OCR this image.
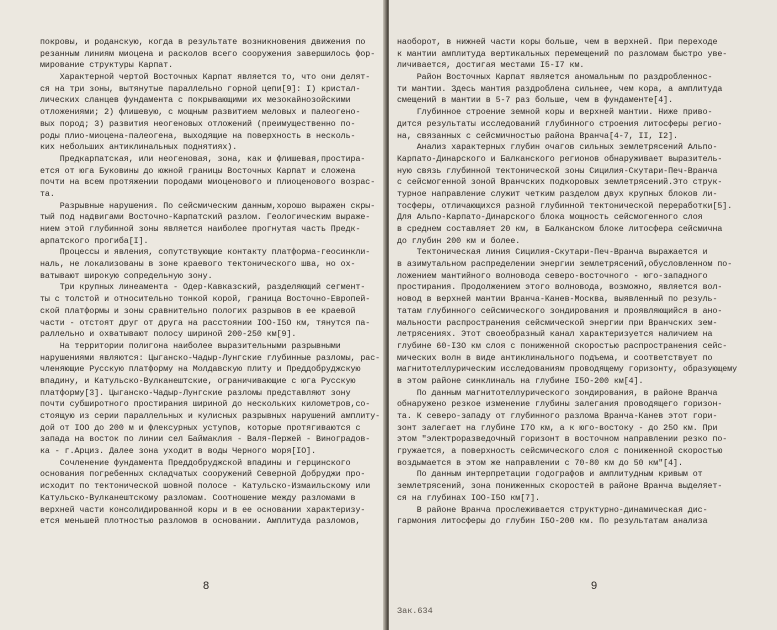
покровы, и роданскую, когда в результате возникновения движения по
резанным линиям миоцена и расколов всего сооружения завершилось фор-
мирование структуры Карпат.
Характерной чертой Восточных Карпат является то, что они делят-
ся на три зоны, вытянутые параллельно горной цепи[9]: I) кристал-
лических сланцев фундамента с покрывающими их мезокайнозойскими
отложениями; 2) флишевую, с мощным развитием меловых и палеогено-
вых пород; 3) развития неогеновых отложений (преимущественно по-
роды плио-миоцена-палеогена, выходящие на поверхность в несколь-
ких небольших антиклинальных поднятиях).
Предкарпатская, или неогеновая, зона, как и флишевая,простира-
ется от юга Буковины до южной границы Восточных Карпат и сложена
почти на всем протяжении породами миоценового и плиоценового возрас-
та.
Разрывные нарушения. По сейсмическим данным,хорошо выражен скры-
тый под надвигами Восточно-Карпатский разлом. Геологическим выраже-
нием этой глубинной зоны является наиболее прогнутая часть Предк-
арпатского прогиба[I].
Процессы и явления, сопутствующие контакту платформа-геосинкли-
наль, не локализованы в зоне краевого тектонического шва, но ох-
ватывают широкую сопредельную зону.
Три крупных линеамента - Одер-Кавказский, разделяющий сегмент-
ты с толстой и относительно тонкой корой, граница Восточно-Европей-
ской платформы и зоны сравнительно пологих разрывов в ее краевой
части - отстоят друг от друга на расстоянии IOO-I5O км, тянутся па-
раллельно и охватывают полосу шириной 200-250 км[9].
На территории полигона наиболее выразительными разрывными
нарушениями являются: Цыганско-Чадыр-Лунгские глубинные разломы, рас-
членяющие Русскую платформу на Молдавскую плиту и Преддобруджскую
впадину, и Катульско-Вулканештские, ограничивающие с юга Русскую
платформу[3]. Цыганско-Чадыр-Лунгские разломы представляют зону
почти субширотного простирания шириной до нескольких километров,со-
стоящую из серии параллельных и кулисных разрывных нарушений амплиту-
дой от IOO до 200 м и флексурных уступов, которые протягиваются с
запада на восток по линии сел Баймаклия - Валя-Пержей - Виноградов-
ка - г.Арциз. Далее зона уходит в воды Черного моря[IO].
Сочленение фундамента Преддобруджской впадины и герцинского
основания погребенных складчатых сооружений Северной Добруджи про-
исходит по тектонической шовной полосе - Катульско-Измаильскому или
Катульско-Вулканештскому разломам. Соотношение между разломами в
верхней части консолидированной коры и в ее основании характеризу-
ется меньшей плотностью разломов в основании. Амплитуда разломов,
8
наоборот, в нижней части коры больше, чем в верхней. При переходе
к мантии амплитуда вертикальных перемещений по разломам быстро уве-
личивается, достигая местами I5-I7 км.
Район Восточных Карпат является аномальным по раздробленнос-
ти мантии. Здесь мантия раздроблена сильнее, чем кора, а амплитуда
смещений в мантии в 5-7 раз больше, чем в фундаменте[4].
Глубинное строение земной коры и верхней мантии. Ниже приво-
дится результаты исследований глубинного строения литосферы регио-
на, связанных с сейсмичностью района Вранча[4-7, II, I2].
Анализ характерных глубин очагов сильных землетрясений Альпо-
Карпато-Динарского и Балканского регионов обнаруживает выразитель-
ную связь глубинной тектонической зоны Сицилия-Скутари-Печ-Вранча
с сейсмогенной зоной Вранчских подкоровых землетрясений.Это струк-
турное направление служит четким разделом двух крупных блоков ли-
тосферы, отличающихся разной глубинной тектонической переработки[5].
Для Альпо-Карпато-Динарского блока мощность сейсмогенного слоя
в среднем составляет 20 км, в Балканском блоке литосфера сейсмична
до глубин 200 км и более.
Тектоническая линия Сицилия-Скутари-Печ-Вранча выражается и
в азимутальном распределении энергии землетрясений,обусловленном по-
ложением мантийного волновода северо-восточного - юго-западного
простирания. Продолжением этого волновода, возможно, является вол-
новод в верхней мантии Вранча-Канев-Москва, выявленный по резуль-
татам глубинного сейсмического зондирования и проявляющийся в ано-
мальности распространения сейсмической энергии при Вранчских зем-
летрясениях. Этот своеобразный канал характеризуется наличием на
глубине 60-I3O км слоя с пониженной скоростью распространения сейс-
мических волн в виде антиклинального подъема, и соответствует по
магнитотеллурическим исследованиям проводящему горизонту, образующему
в этом районе синклиналь на глубине I5O-200 км[4].
По данным магнитотеллурического зондирования, в районе Вранча
обнаружено резкое изменение глубины залегания проводящего горизон-
та. К северо-западу от глубинного разлома Вранча-Канев этот гори-
зонт залегает на глубине I7O км, а к юго-востоку - до 25O км. При
этом "электроразведочный горизонт в восточном направлении резко по-
гружается, а поверхность сейсмического слоя с пониженной скоростью
воздымается в этом же направлении с 70-80 км до 50 км"[4].
По данным интерпретации годографов и амплитудным кривым от
землетрясений, зона пониженных скоростей в районе Вранча выделяет-
ся на глубинах IOO-I5O км[7].
В районе Вранча прослеживается структурно-динамическая дис-
гармония литосферы до глубин I5O-200 км. По результатам анализа
9
Зак.634
